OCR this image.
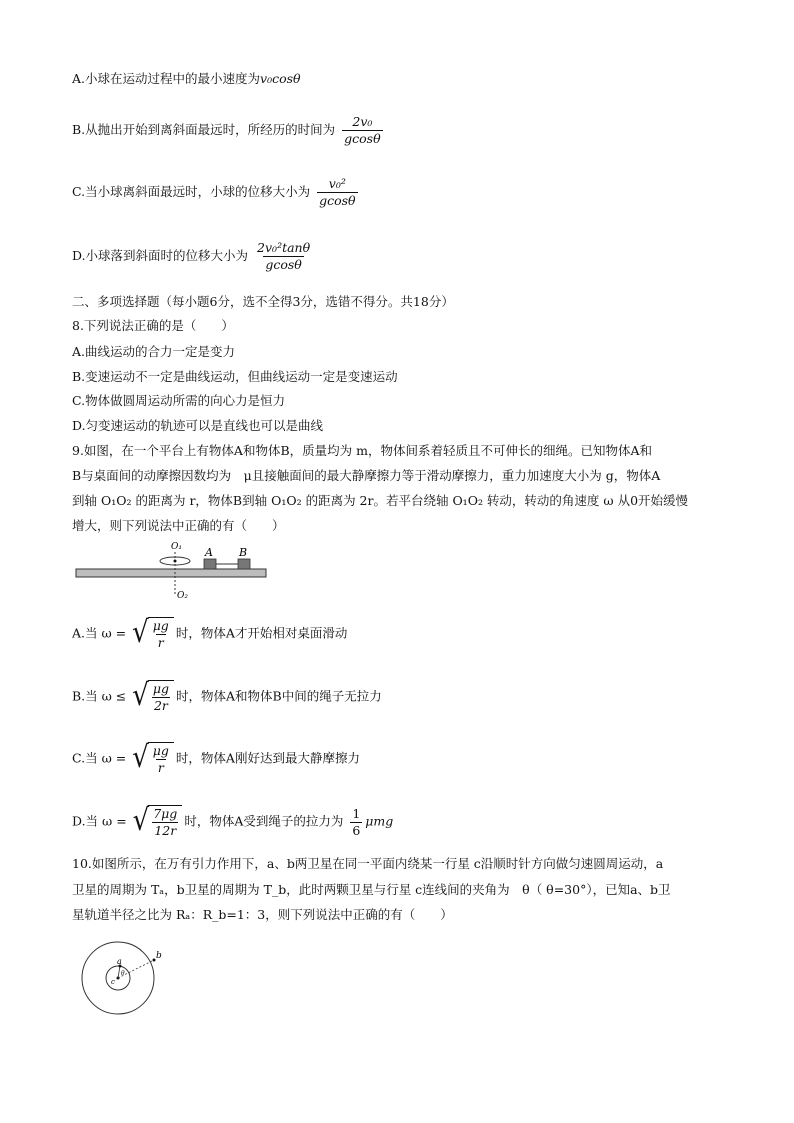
A.小球在运动过程中的最小速度为v₀cosθ
B.从抛出开始到离斜面最远时，所经历的时间为 $\frac{\text{2v₀}}{gcos\theta}$
C.当小球离斜面最远时，小球的位移大小为 $\frac{\text{v₀²}}{gcos\theta}$
D.小球落到斜面时的位移大小为 $\frac{\text{2v₀²tanθ}}{gcos\theta}$
二、多项选择题（每小题6分，选不全得3分，选错不得分。共18分）
8.下列说法正确的是（　　）
A.曲线运动的合力一定是变力
B.变速运动不一定是曲线运动，但曲线运动一定是变速运动
C.物体做圆周运动所需的向心力是恒力
D.匀变速运动的轨迹可以是直线也可以是曲线
9.如图，在一个平台上有物体A和物体B，质量均为 m，物体间系着轻质且不可伸长的细绳。已知物体A和
B与桌面间的动摩擦因数均为　μ且接触面间的最大静摩擦力等于滑动摩擦力，重力加速度大小为 g，物体A
到轴 O₁O₂ 的距离为 r，物体B到轴 O₁O₂ 的距离为 2r。若平台绕轴 O₁O₂ 转动，转动的角速度 ω 从0开始缓慢
增大，则下列说法中正确的有（　　）
O₁
O₂
A B
A.当 ω = √ $\frac{\mu g}{r}$ 时，物体A才开始相对桌面滑动
B.当 ω ≤ √ $\frac{\mu g}{2r}$ 时，物体A和物体B中间的绳子无拉力
C.当 ω = √ $\frac{\mu g}{r}$ 时，物体A刚好达到最大静摩擦力
D.当 ω = √ $\frac{7\mu g}{12r}$ 时，物体A受到绳子的拉力为 $\frac{1}{6}$ μmg
10.如图所示，在万有引力作用下，a、b两卫星在同一平面内绕某一行星 c沿顺时针方向做匀速圆周运动，a
卫星的周期为 Tₐ，b卫星的周期为 T_b，此时两颗卫星与行星 c连线间的夹角为　θ（ θ=30°），已知a、b卫
星轨道半径之比为 Rₐ：R_b=1：3，则下列说法中正确的有（　　）
a
b
c
θ
